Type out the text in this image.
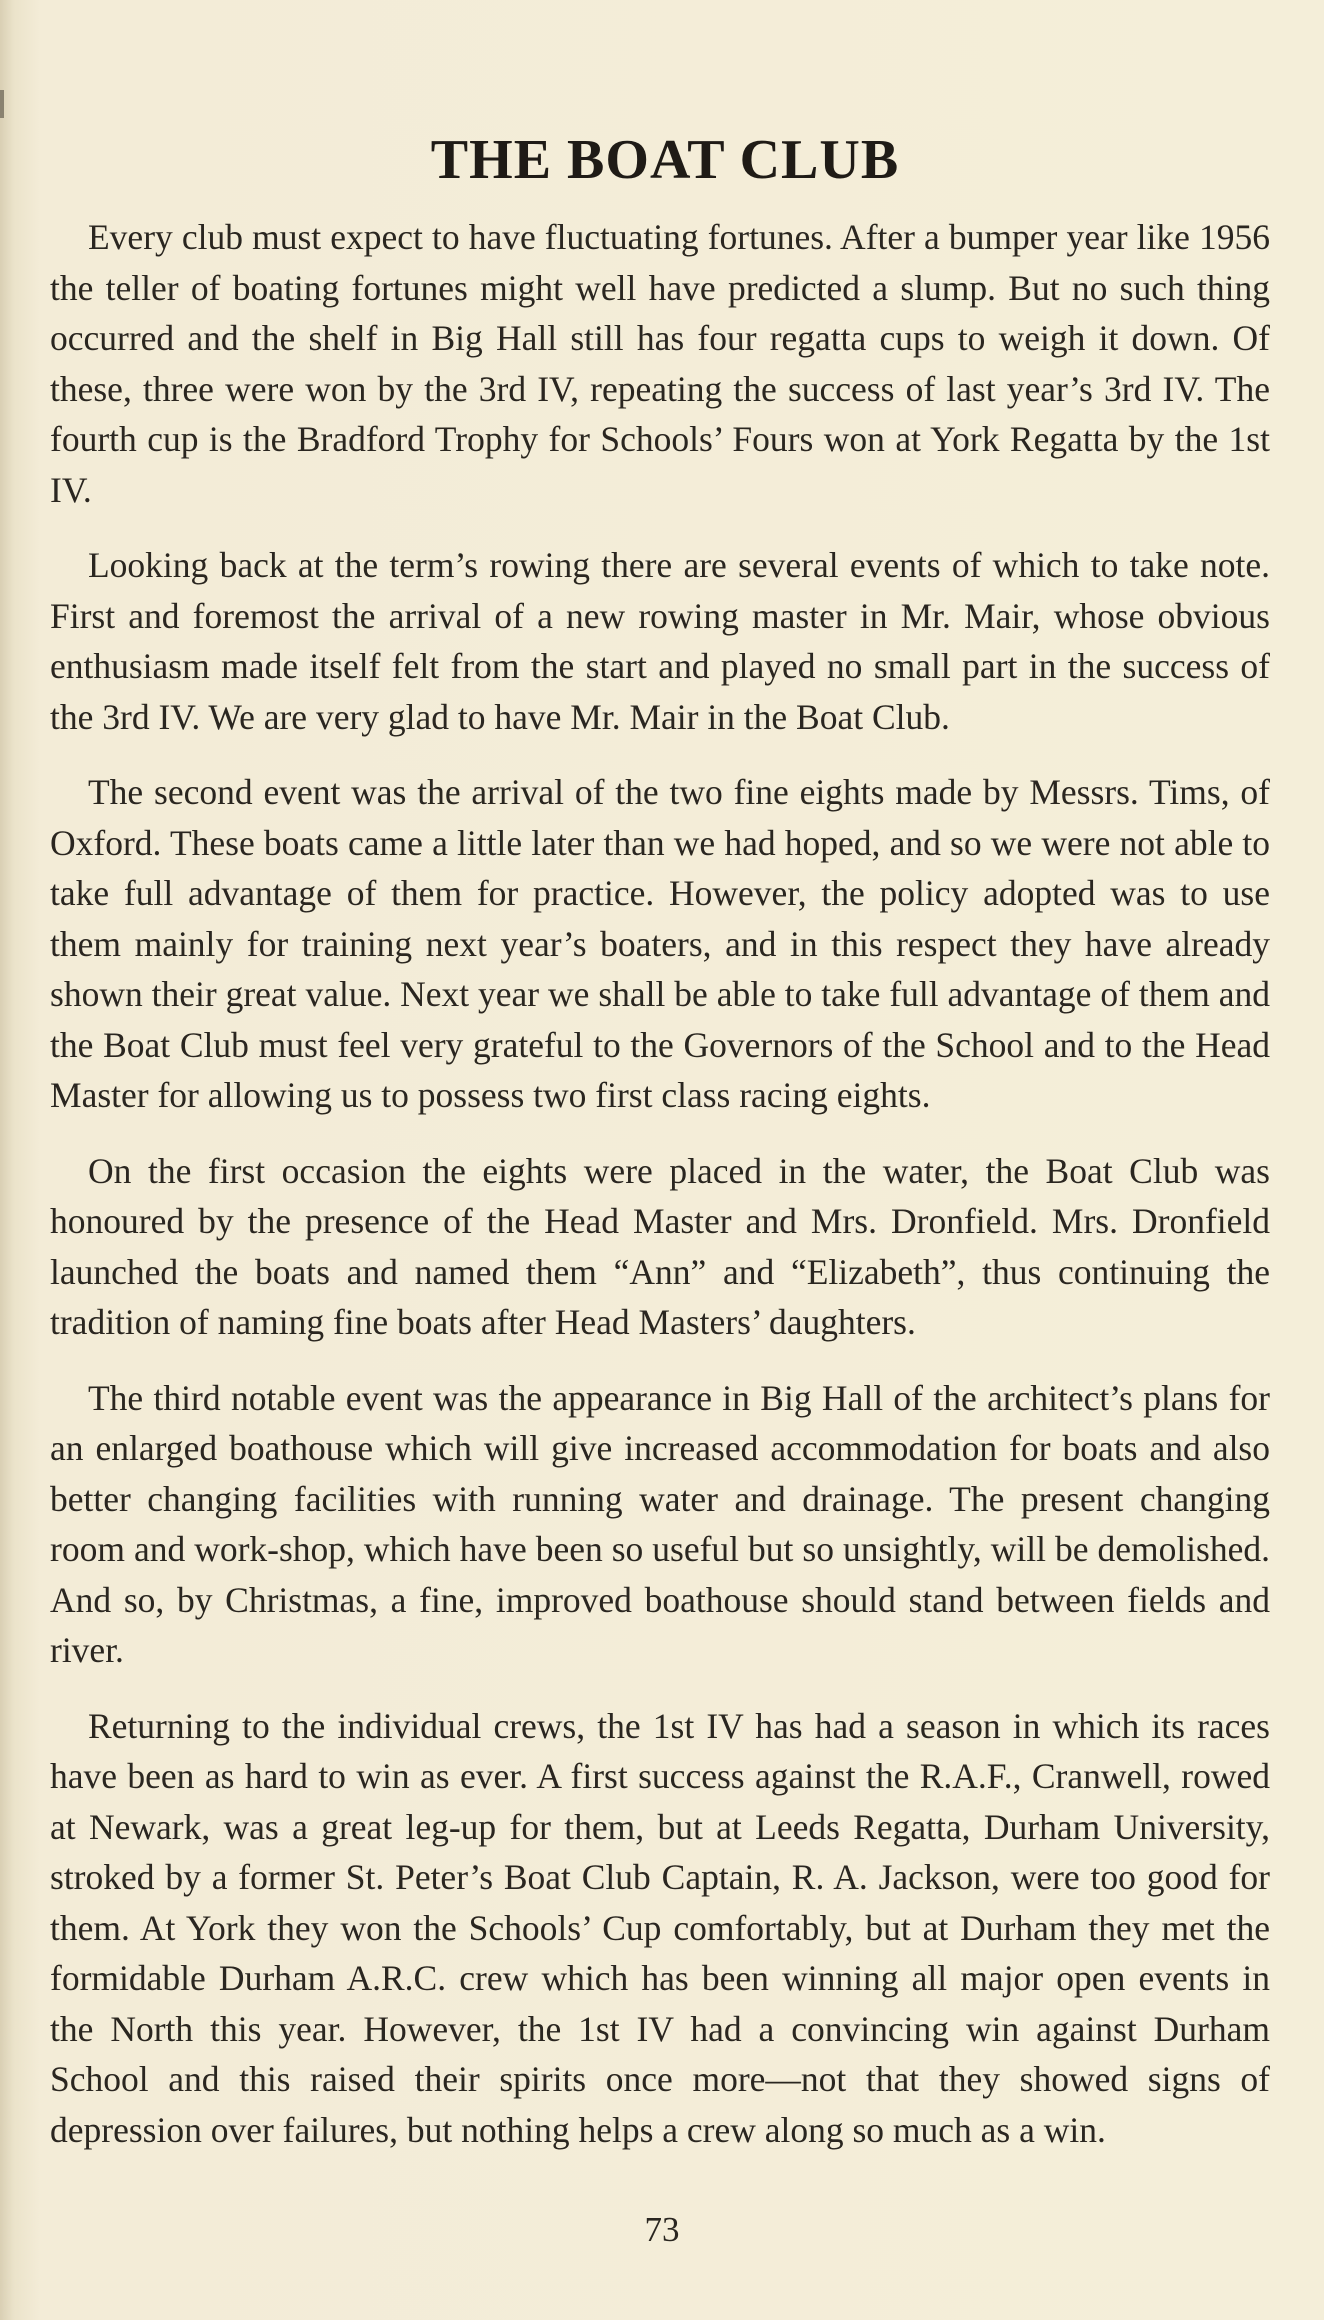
THE BOAT CLUB

Every club must expect to have fluctuating fortunes. After a bumper year like 1956 the teller of boating fortunes might well have predicted a slump. But no such thing occurred and the shelf in Big Hall still has four regatta cups to weigh it down. Of these, three were won by the 3rd IV, repeating the success of last year’s 3rd IV. The fourth cup is the Bradford Trophy for Schools’ Fours won at York Regatta by the 1st IV.

Looking back at the term’s rowing there are several events of which to take note. First and foremost the arrival of a new rowing master in Mr. Mair, whose obvious enthusiasm made itself felt from the start and played no small part in the success of the 3rd IV. We are very glad to have Mr. Mair in the Boat Club.

The second event was the arrival of the two fine eights made by Messrs. Tims, of Oxford. These boats came a little later than we had hoped, and so we were not able to take full advantage of them for practice. However, the policy adopted was to use them mainly for training next year’s boaters, and in this respect they have already shown their great value. Next year we shall be able to take full advantage of them and the Boat Club must feel very grateful to the Governors of the School and to the Head Master for allowing us to possess two first class racing eights.

On the first occasion the eights were placed in the water, the Boat Club was honoured by the presence of the Head Master and Mrs. Dronfield. Mrs. Dronfield launched the boats and named them “Ann” and “Elizabeth”, thus continuing the tradition of naming fine boats after Head Masters’ daughters.

The third notable event was the appearance in Big Hall of the architect’s plans for an enlarged boathouse which will give increased accommodation for boats and also better changing facilities with running water and drainage. The present changing room and work-shop, which have been so useful but so unsightly, will be demolished. And so, by Christmas, a fine, improved boathouse should stand between fields and river.

Returning to the individual crews, the 1st IV has had a season in which its races have been as hard to win as ever. A first success against the R.A.F., Cranwell, rowed at Newark, was a great leg-up for them, but at Leeds Regatta, Durham University, stroked by a former St. Peter’s Boat Club Captain, R. A. Jackson, were too good for them. At York they won the Schools’ Cup comfortably, but at Durham they met the formidable Durham A.R.C. crew which has been winning all major open events in the North this year. However, the 1st IV had a convincing win against Durham School and this raised their spirits once more—not that they showed signs of depression over failures, but nothing helps a crew along so much as a win.

73
